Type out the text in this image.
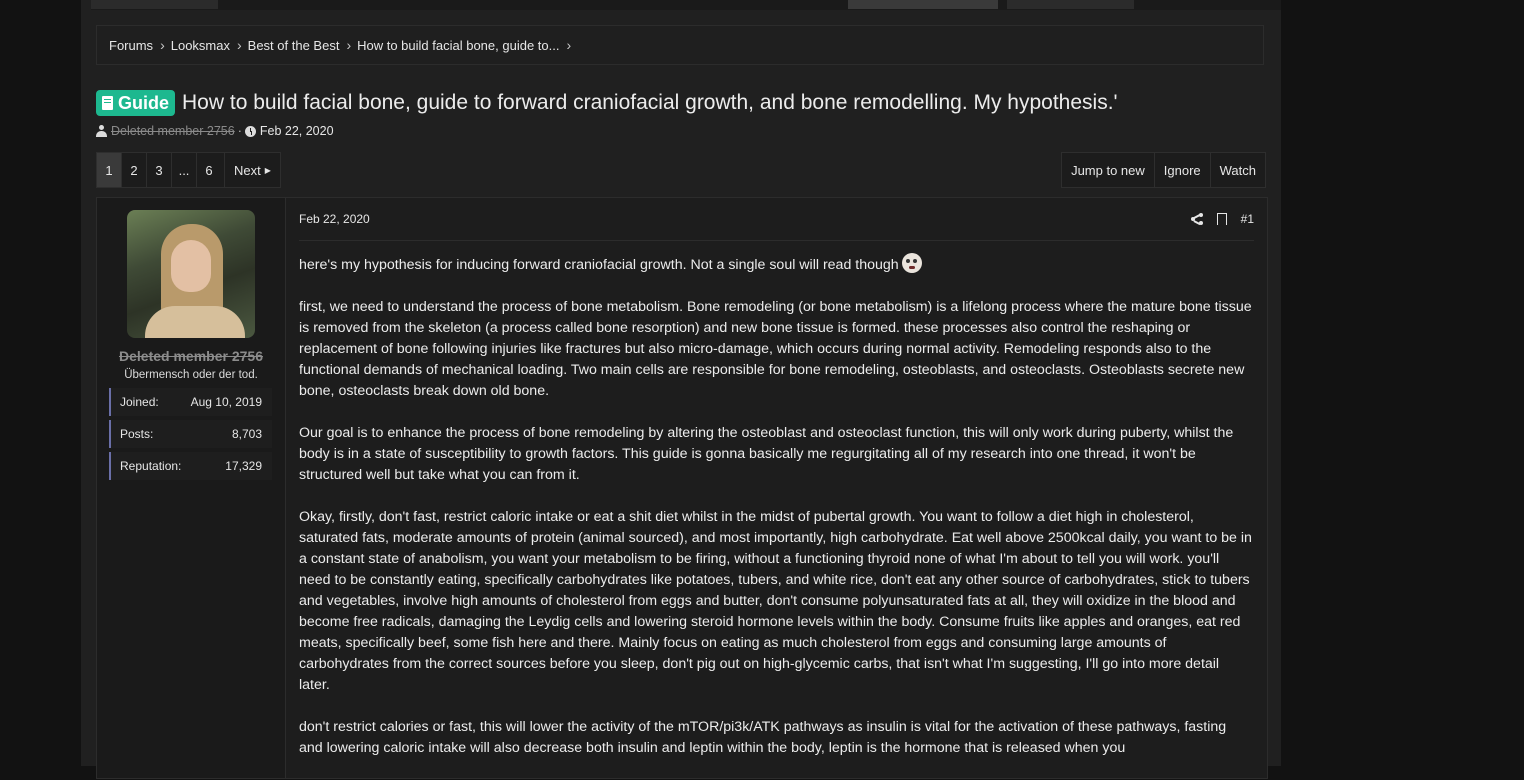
Forums › Looksmax › Best of the Best › How to build facial bone, guide to... ›
Guide How to build facial bone, guide to forward craniofacial growth, and bone remodelling. My hypothesis.'
Deleted member 2756 · Feb 22, 2020
1	2	3	...	6	Next ▶	Jump to new	Ignore	Watch
Deleted member 2756
Übermensch oder der tod.
Joined:	Aug 10, 2019
Posts:	8,703
Reputation:	17,329
Feb 22, 2020	#1

here's my hypothesis for inducing forward craniofacial growth. Not a single soul will read though

first, we need to understand the process of bone metabolism. Bone remodeling (or bone metabolism) is a lifelong process where the mature bone tissue is removed from the skeleton (a process called bone resorption) and new bone tissue is formed. these processes also control the reshaping or replacement of bone following injuries like fractures but also micro-damage, which occurs during normal activity. Remodeling responds also to the functional demands of mechanical loading. Two main cells are responsible for bone remodeling, osteoblasts, and osteoclasts. Osteoblasts secrete new bone, osteoclasts break down old bone.

Our goal is to enhance the process of bone remodeling by altering the osteoblast and osteoclast function, this will only work during puberty, whilst the body is in a state of susceptibility to growth factors. This guide is gonna basically me regurgitating all of my research into one thread, it won't be structured well but take what you can from it.

Okay, firstly, don't fast, restrict caloric intake or eat a shit diet whilst in the midst of pubertal growth. You want to follow a diet high in cholesterol, saturated fats, moderate amounts of protein (animal sourced), and most importantly, high carbohydrate. Eat well above 2500kcal daily, you want to be in a constant state of anabolism, you want your metabolism to be firing, without a functioning thyroid none of what I'm about to tell you will work. you'll need to be constantly eating, specifically carbohydrates like potatoes, tubers, and white rice, don't eat any other source of carbohydrates, stick to tubers and vegetables, involve high amounts of cholesterol from eggs and butter, don't consume polyunsaturated fats at all, they will oxidize in the blood and become free radicals, damaging the Leydig cells and lowering steroid hormone levels within the body. Consume fruits like apples and oranges, eat red meats, specifically beef, some fish here and there. Mainly focus on eating as much cholesterol from eggs and consuming large amounts of carbohydrates from the correct sources before you sleep, don't pig out on high-glycemic carbs, that isn't what I'm suggesting, I'll go into more detail later.

don't restrict calories or fast, this will lower the activity of the mTOR/pi3k/ATK pathways as insulin is vital for the activation of these pathways, fasting and lowering caloric intake will also decrease both insulin and leptin within the body, leptin is the hormone that is released when you
